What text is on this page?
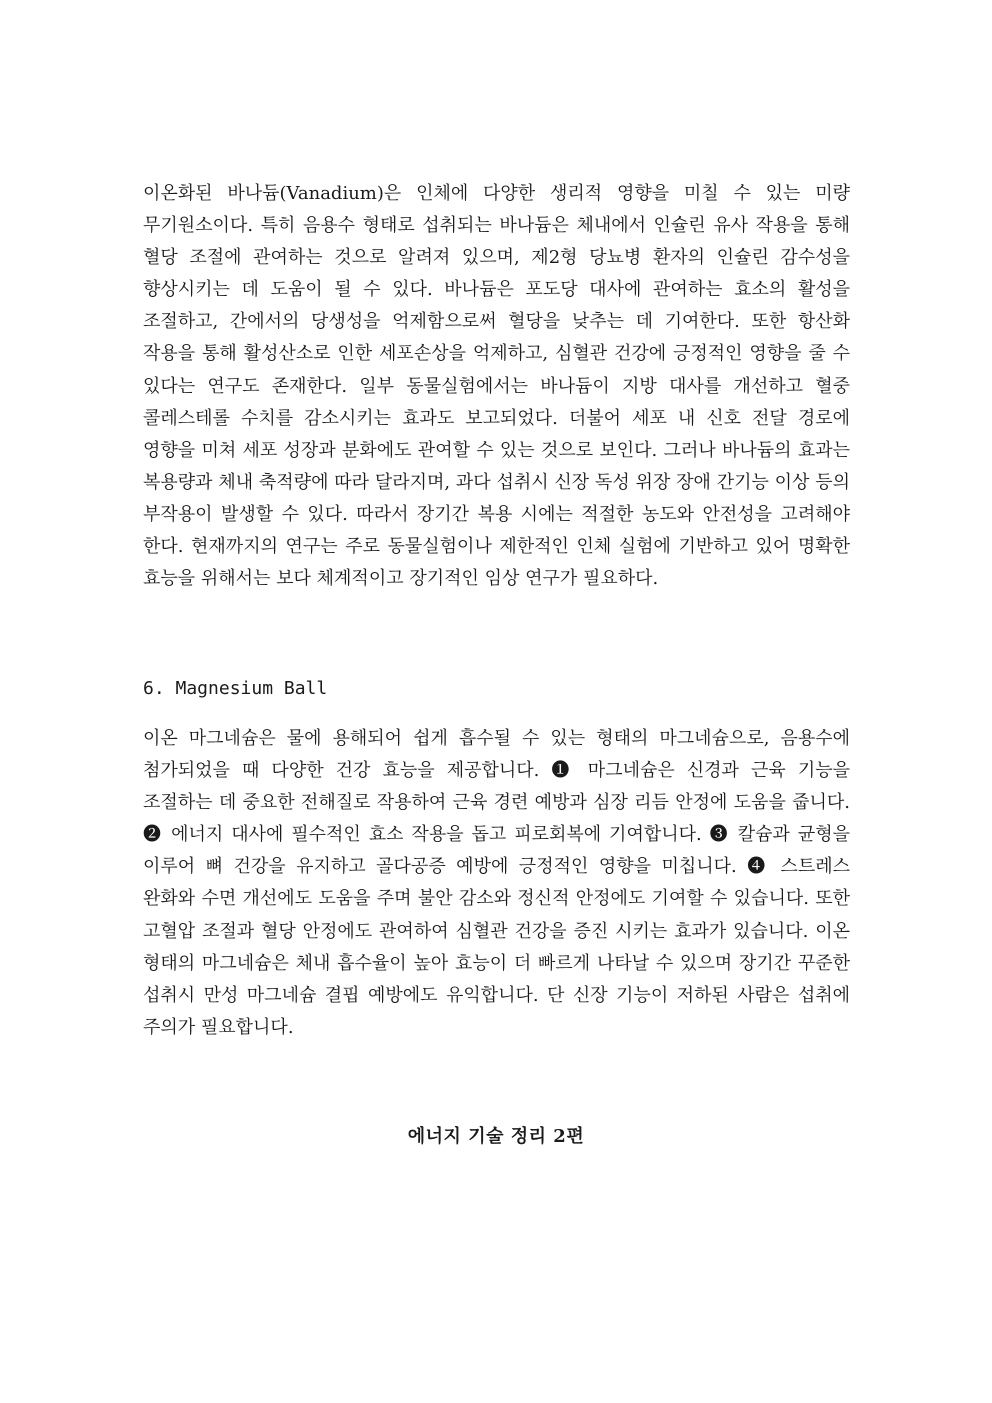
이온화된 바나듐(Vanadium)은 인체에 다양한 생리적 영향을 미칠 수 있는 미량 무기원소이다. 특히 음용수 형태로 섭취되는 바나듐은 체내에서 인슐린 유사 작용을 통해 혈당 조절에 관여하는 것으로 알려져 있으며, 제2형 당뇨병 환자의 인슐린 감수성을 향상시키는 데 도움이 될 수 있다. 바나듐은 포도당 대사에 관여하는 효소의 활성을 조절하고, 간에서의 당생성을 억제함으로써 혈당을 낮추는 데 기여한다. 또한 항산화 작용을 통해 활성산소로 인한 세포손상을 억제하고, 심혈관 건강에 긍정적인 영향을 줄 수 있다는 연구도 존재한다. 일부 동물실험에서는 바나듐이 지방 대사를 개선하고 혈중 콜레스테롤 수치를 감소시키는 효과도 보고되었다. 더불어 세포 내 신호 전달 경로에 영향을 미쳐 세포 성장과 분화에도 관여할 수 있는 것으로 보인다. 그러나 바나듐의 효과는 복용량과 체내 축적량에 따라 달라지며, 과다 섭취시 신장 독성 위장 장애 간기능 이상 등의 부작용이 발생할 수 있다. 따라서 장기간 복용 시에는 적절한 농도와 안전성을 고려해야 한다. 현재까지의 연구는 주로 동물실험이나 제한적인 인체 실험에 기반하고 있어 명확한 효능을 위해서는 보다 체계적이고 장기적인 임상 연구가 필요하다.

6. Magnesium Ball

이온 마그네슘은 물에 용해되어 쉽게 흡수될 수 있는 형태의 마그네슘으로, 음용수에 첨가되었을 때 다양한 건강 효능을 제공합니다. ❶ 마그네슘은 신경과 근육 기능을 조절하는 데 중요한 전해질로 작용하여 근육 경련 예방과 심장 리듬 안정에 도움을 줍니다. ❷ 에너지 대사에 필수적인 효소 작용을 돕고 피로회복에 기여합니다. ❸ 칼슘과 균형을 이루어 뼈 건강을 유지하고 골다공증 예방에 긍정적인 영향을 미칩니다. ❹ 스트레스 완화와 수면 개선에도 도움을 주며 불안 감소와 정신적 안정에도 기여할 수 있습니다. 또한 고혈압 조절과 혈당 안정에도 관여하여 심혈관 건강을 증진 시키는 효과가 있습니다. 이온 형태의 마그네슘은 체내 흡수율이 높아 효능이 더 빠르게 나타날 수 있으며 장기간 꾸준한 섭취시 만성 마그네슘 결핍 예방에도 유익합니다. 단 신장 기능이 저하된 사람은 섭취에 주의가 필요합니다.

에너지 기술 정리 2편
